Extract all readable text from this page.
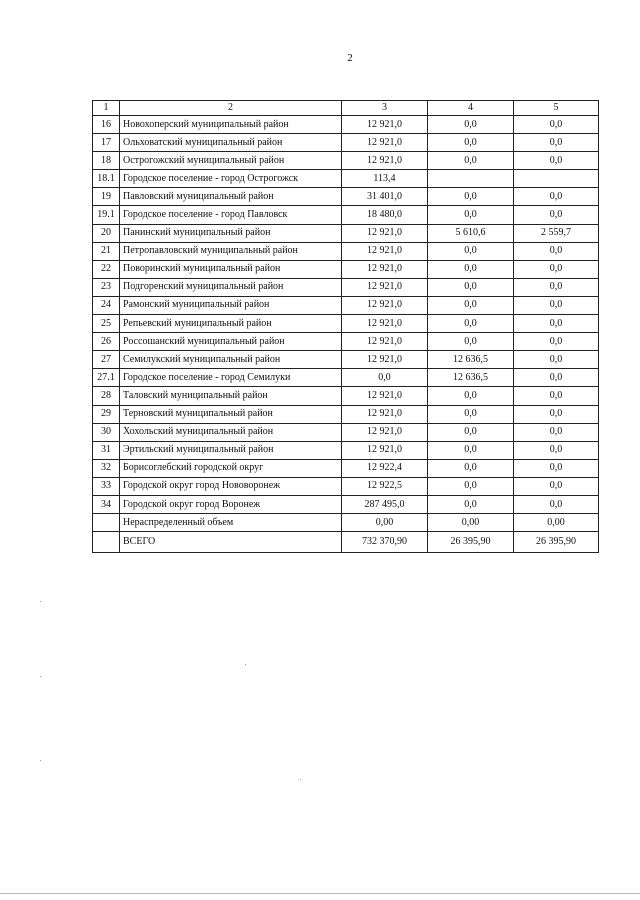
2
1	2	3	4	5
16	Новохоперский муниципальный район	12 921,0	0,0	0,0
17	Ольховатский муниципальный район	12 921,0	0,0	0,0
18	Острогожский муниципальный район	12 921,0	0,0	0,0
18.1	Городское поселение - город Острогожск	113,4		
19	Павловский муниципальный район	31 401,0	0,0	0,0
19.1	Городское поселение - город Павловск	18 480,0	0,0	0,0
20	Панинский муниципальный район	12 921,0	5 610,6	2 559,7
21	Петропавловский муниципальный район	12 921,0	0,0	0,0
22	Поворинский муниципальный район	12 921,0	0,0	0,0
23	Подгоренский муниципальный район	12 921,0	0,0	0,0
24	Рамонский муниципальный район	12 921,0	0,0	0,0
25	Репьевский муниципальный район	12 921,0	0,0	0,0
26	Россошанский муниципальный район	12 921,0	0,0	0,0
27	Семилукский муниципальный район	12 921,0	12 636,5	0,0
27.1	Городское поселение - город Семилуки	0,0	12 636,5	0,0
28	Таловский муниципальный район	12 921,0	0,0	0,0
29	Терновский муниципальный район	12 921,0	0,0	0,0
30	Хохольский муниципальный район	12 921,0	0,0	0,0
31	Эртильский муниципальный район	12 921,0	0,0	0,0
32	Борисоглебский городской округ	12 922,4	0,0	0,0
33	Городской округ город Нововоронеж	12 922,5	0,0	0,0
34	Городской округ город Воронеж	287 495,0	0,0	0,0
	Нераспределенный объем	0,00	0,00	0,00
	ВСЕГО	732 370,90	26 395,90	26 395,90
